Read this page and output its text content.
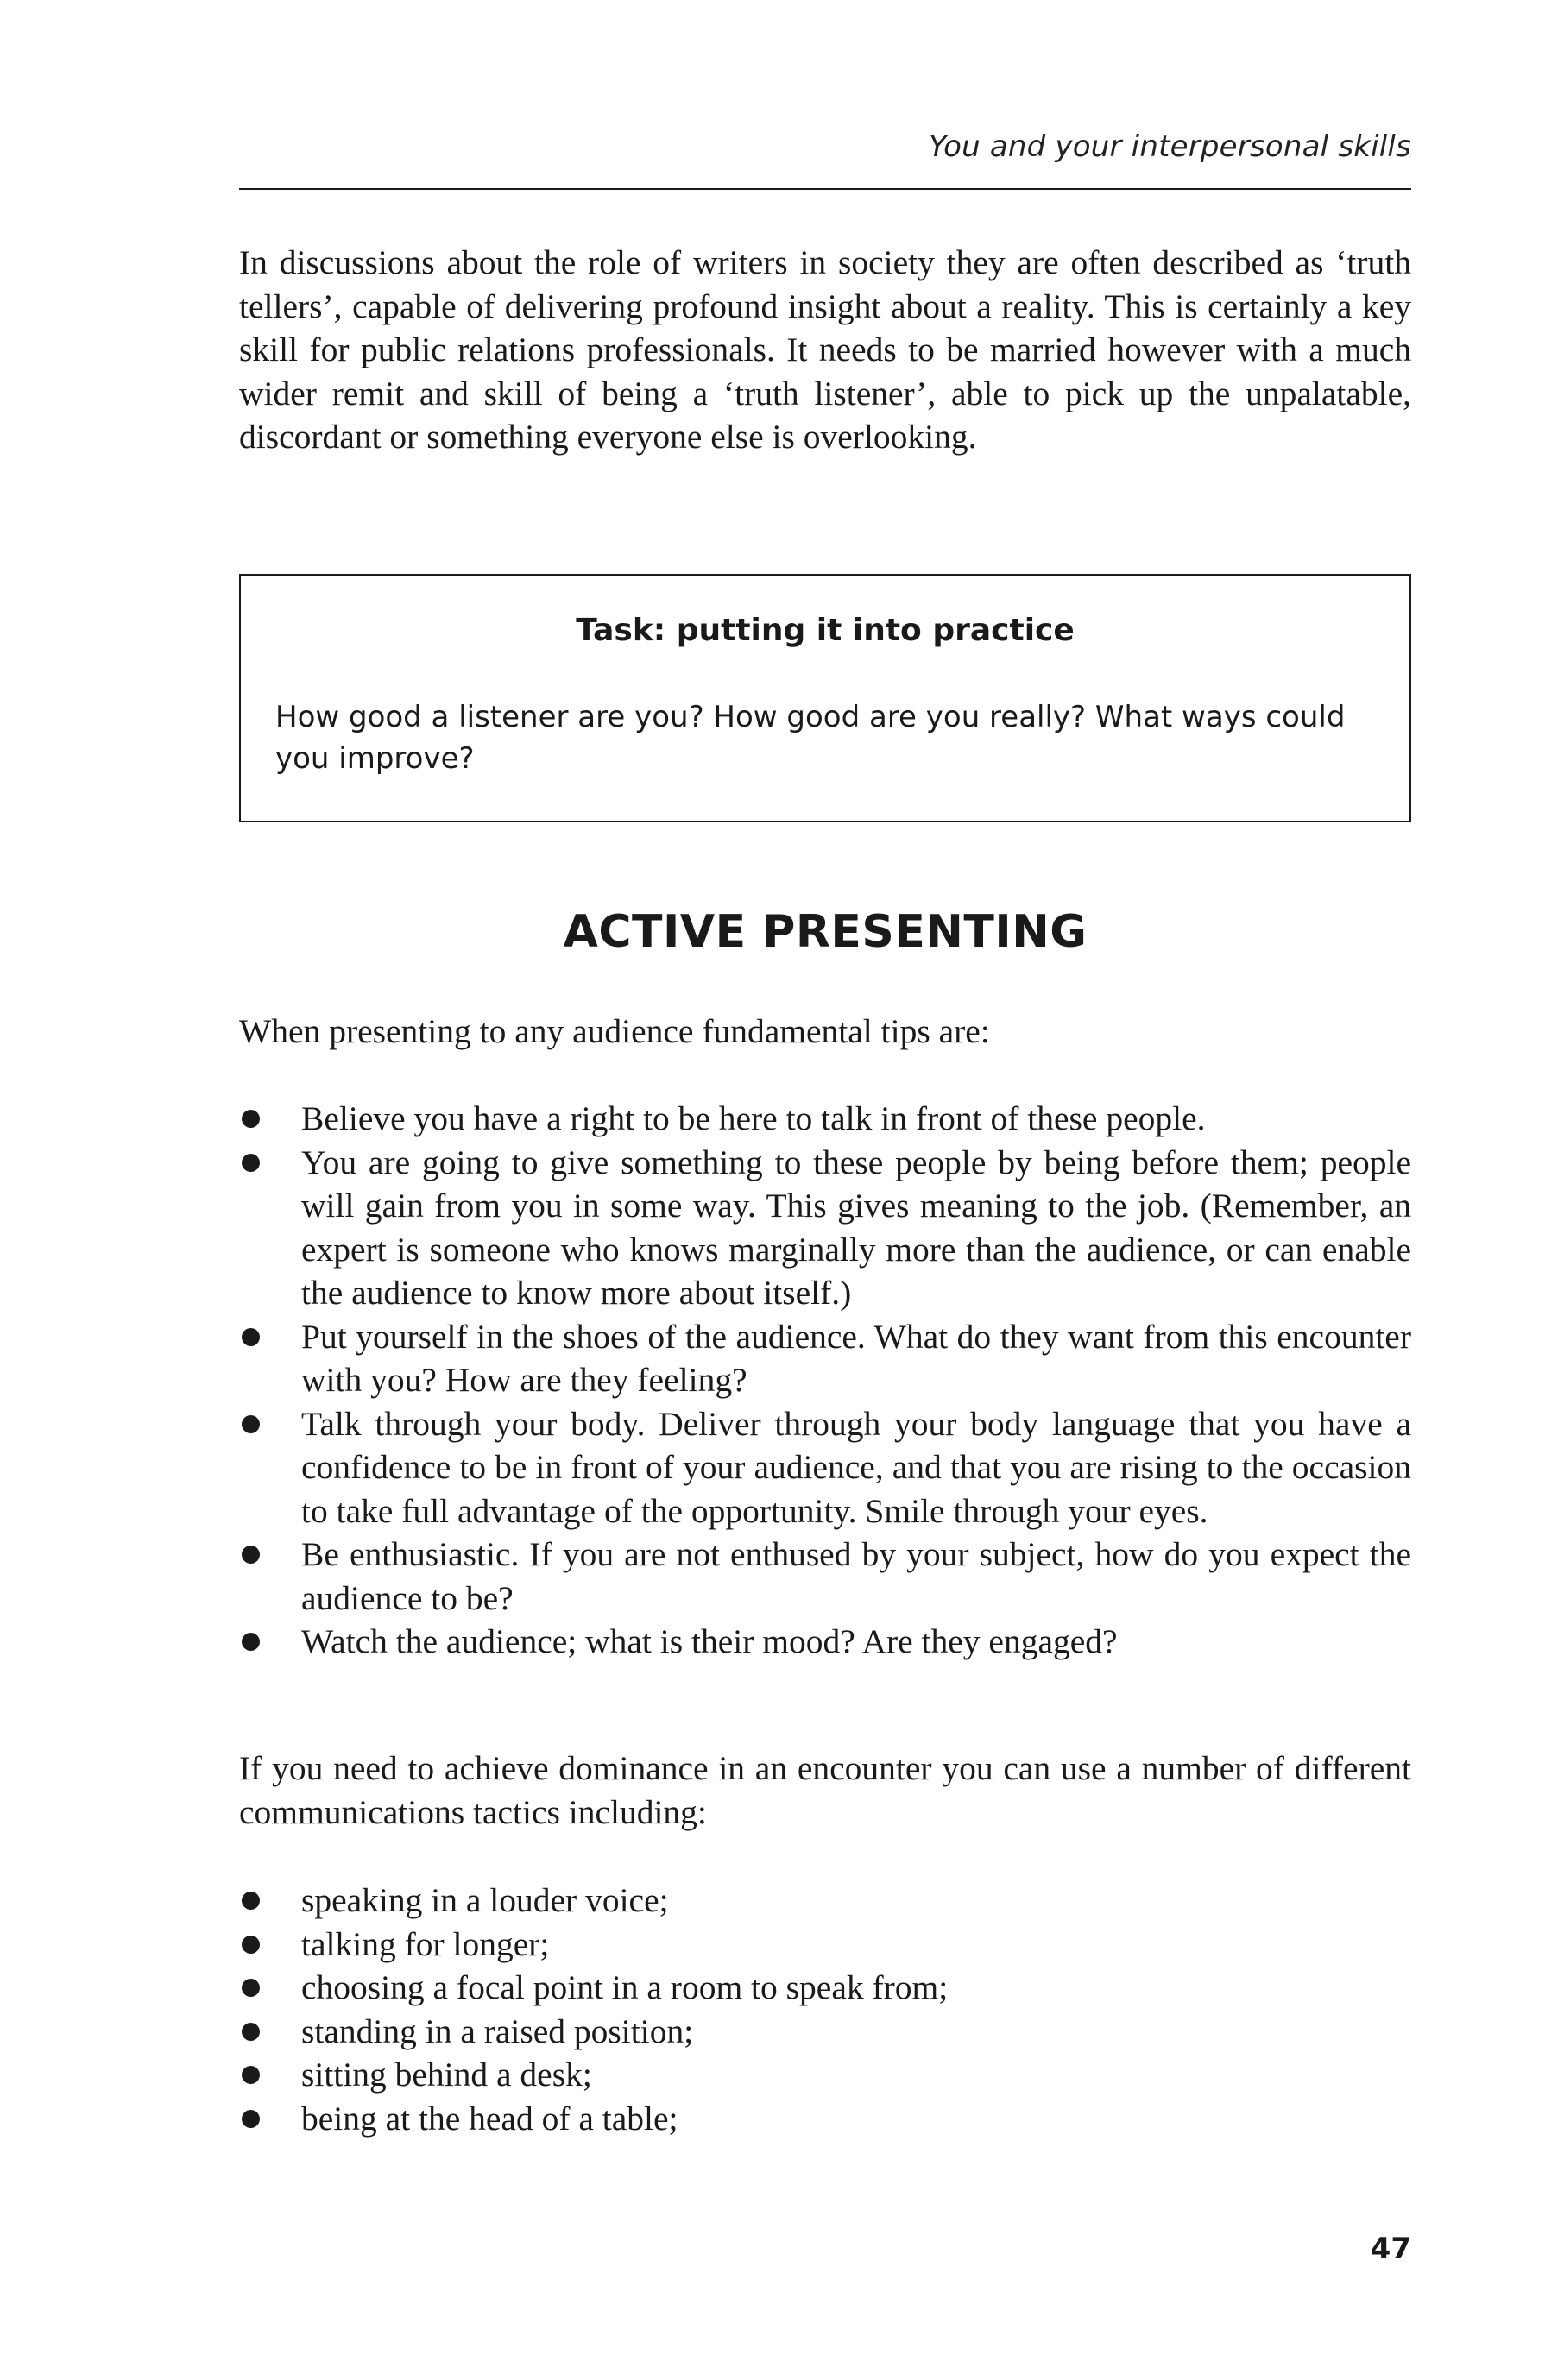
You and your interpersonal skills

In discussions about the role of writers in society they are often described as ‘truth tellers’, capable of delivering profound insight about a reality. This is certainly a key skill for public relations professionals. It needs to be married however with a much wider remit and skill of being a ‘truth listener’, able to pick up the unpalatable, discordant or something everyone else is overlooking.

Task: putting it into practice

How good a listener are you? How good are you really? What ways could you improve?

ACTIVE PRESENTING

When presenting to any audience fundamental tips are:

Believe you have a right to be here to talk in front of these people.
You are going to give something to these people by being before them; people will gain from you in some way. This gives meaning to the job. (Remember, an expert is someone who knows marginally more than the audience, or can enable the audience to know more about itself.)
Put yourself in the shoes of the audience. What do they want from this encounter with you? How are they feeling?
Talk through your body. Deliver through your body language that you have a confidence to be in front of your audience, and that you are rising to the occasion to take full advantage of the opportunity. Smile through your eyes.
Be enthusiastic. If you are not enthused by your subject, how do you expect the audience to be?
Watch the audience; what is their mood? Are they engaged?

If you need to achieve dominance in an encounter you can use a number of different communications tactics including:

speaking in a louder voice;
talking for longer;
choosing a focal point in a room to speak from;
standing in a raised position;
sitting behind a desk;
being at the head of a table;
47
